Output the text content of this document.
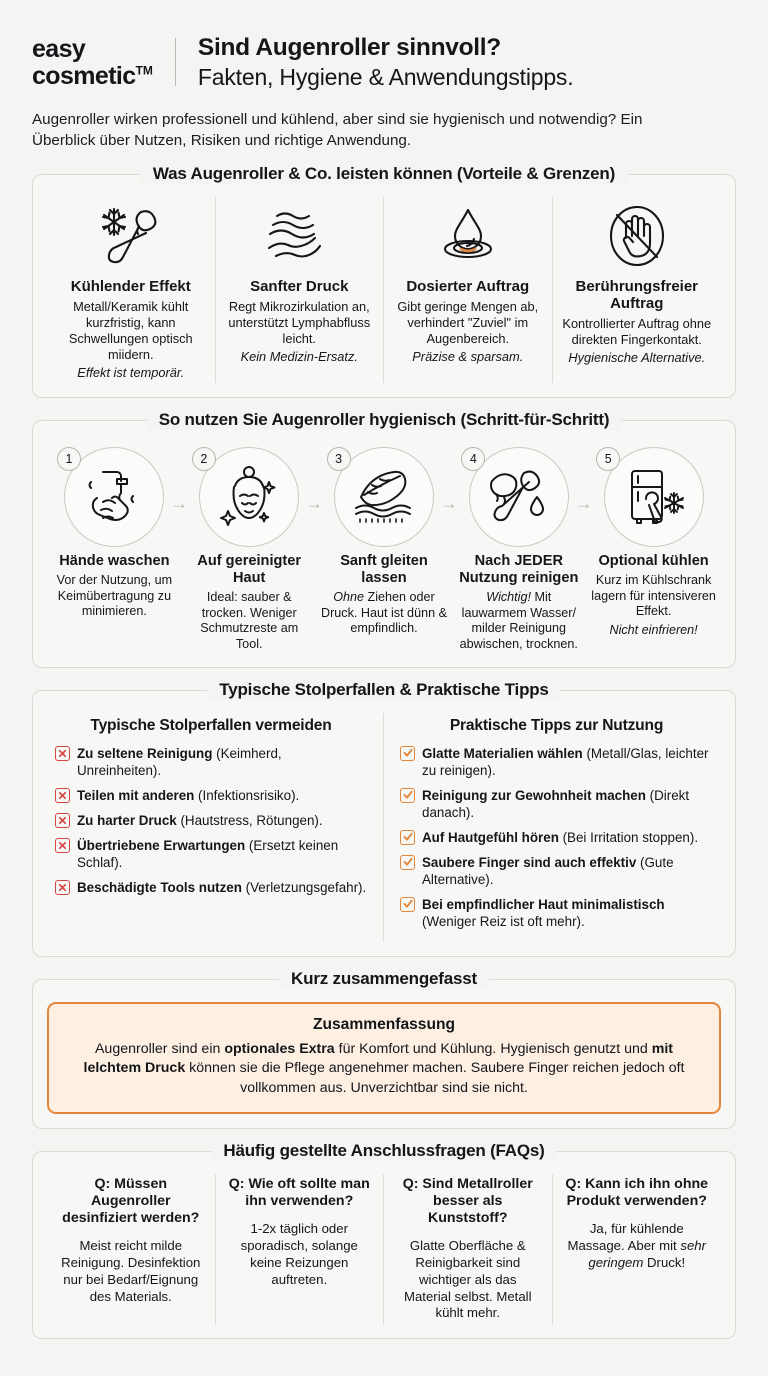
easy
cosmetic™
Sind Augenroller sinnvoll?
Fakten, Hygiene & Anwendungstipps.

Augenroller wirken professionell und kühlend, aber sind sie hygienisch und notwendig? Ein Überblick über Nutzen, Risiken und richtige Anwendung.

Was Augenroller & Co. leisten können (Vorteile & Grenzen)
Kühlender Effekt
Metall/Keramik kühlt kurzfristig, kann Schwellungen optisch miidern.
Effekt ist temporär.
Sanfter Druck
Regt Mikrozirkulation an, unterstützt Lymphabfluss leicht.
Kein Medizin-Ersatz.
Dosierter Auftrag
Gibt geringe Mengen ab, verhindert "Zuviel" im Augenbereich.
Präzise & sparsam.
Berührungsfreier Auftrag
Kontrollierter Auftrag ohne direkten Fingerkontakt.
Hygienische Alternative.
So nutzen Sie Augenroller hygienisch (Schritt-für-Schritt)
1
→
Hände waschen
Vor der Nutzung, um Keimübertragung zu minimieren.
2
→
Auf gereinigter Haut
Ideal: sauber & trocken. Weniger Schmutzreste am Tool.
3
→
Sanft gleiten lassen
Ohne Ziehen oder Druck. Haut ist dünn & empfindlich.
4
→
Nach JEDER Nutzung reinigen
Wichtig! Mit lauwarmem Wasser/ milder Reinigung abwischen, trocknen.
5
Optional kühlen
Kurz im Kühlschrank lagern für intensiveren Effekt.
Nicht einfrieren!
Typische Stolperfallen & Praktische Tipps
Typische Stolperfallen vermeiden
Zu seltene Reinigung (Keimherd, Unreinheiten).
Teilen mit anderen (Infektionsrisiko).
Zu harter Druck (Hautstress, Rötungen).
Übertriebene Erwartungen (Ersetzt keinen Schlaf).
Beschädigte Tools nutzen (Verletzungsgefahr).
Praktische Tipps zur Nutzung
Glatte Materialien wählen (Metall/Glas, leichter zu reinigen).
Reinigung zur Gewohnheit machen (Direkt danach).
Auf Hautgefühl hören (Bei Irritation stoppen).
Saubere Finger sind auch effektiv (Gute Alternative).
Bei empfindlicher Haut minimalistisch (Weniger Reiz ist oft mehr).
Kurz zusammengefasst
Zusammenfassung
Augenroller sind ein optionales Extra für Komfort und Kühlung. Hygienisch genutzt und mit lelchtem Druck können sie die Pflege angenehmer machen. Saubere Finger reichen jedoch oft vollkommen aus. Unverzichtbar sind sie nicht.
Häufig gestellte Anschlussfragen (FAQs)
Q: Müssen Augenroller desinfiziert werden?
Meist reicht milde Reinigung. Desinfektion nur bei Bedarf/Eignung des Materials.
Q: Wie oft sollte man ihn verwenden?
1-2x täglich oder sporadisch, solange keine Reizungen auftreten.
Q: Sind Metallroller besser als Kunststoff?
Glatte Oberfläche & Reinigbarkeit sind wichtiger als das Material selbst. Metall kühlt mehr.
Q: Kann ich ihn ohne Produkt verwenden?
Ja, für kühlende Massage. Aber mit sehr geringem Druck!
